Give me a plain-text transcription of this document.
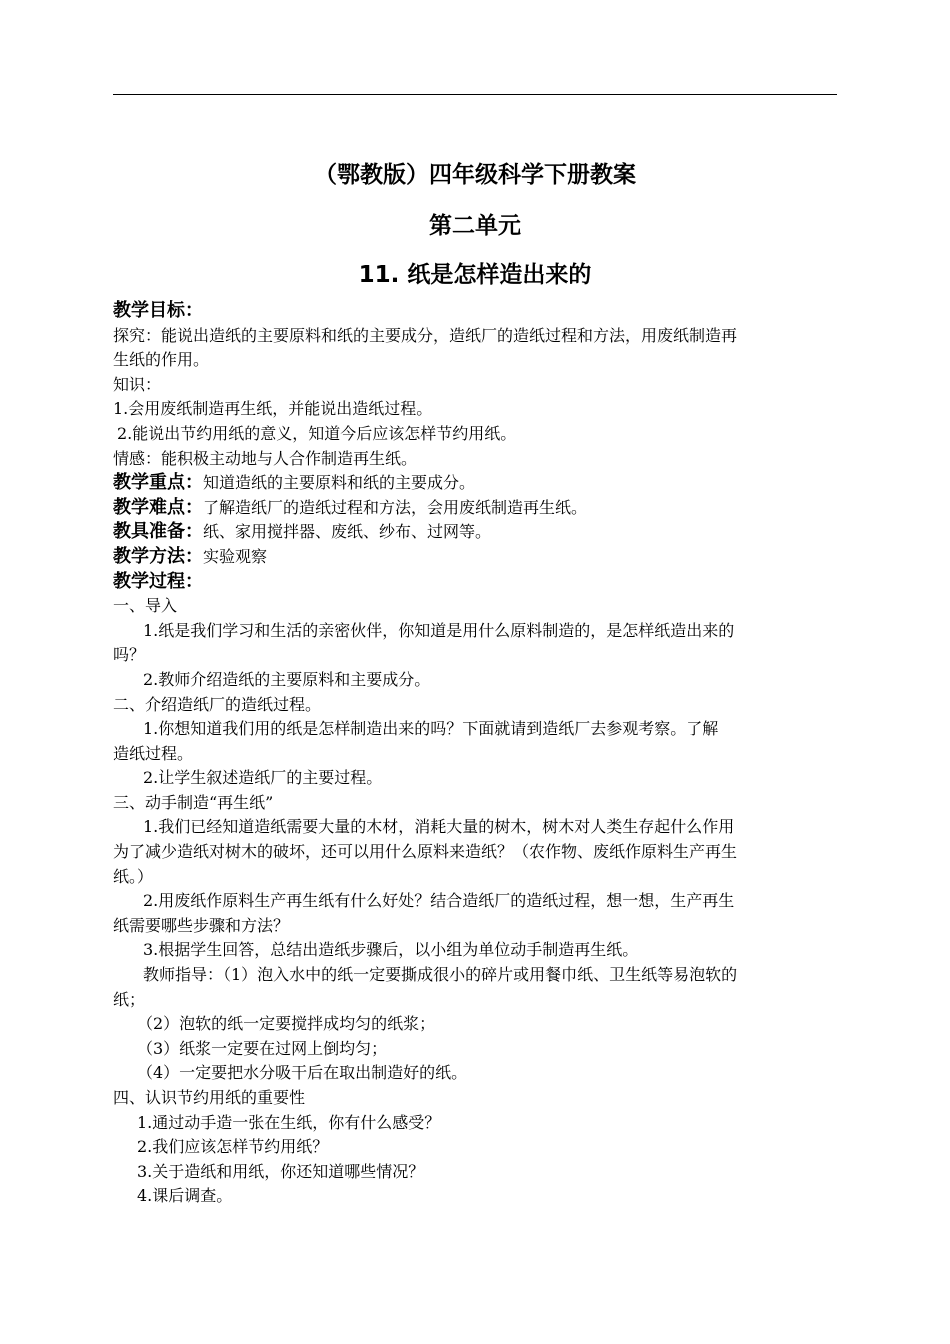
（鄂教版）四年级科学下册教案
第二单元
11. 纸是怎样造出来的
教学目标：
探究：能说出造纸的主要原料和纸的主要成分，造纸厂的造纸过程和方法，用废纸制造再
生纸的作用。
知识：
1.会用废纸制造再生纸，并能说出造纸过程。
2.能说出节约用纸的意义，知道今后应该怎样节约用纸。
情感：能积极主动地与人合作制造再生纸。
教学重点：知道造纸的主要原料和纸的主要成分。
教学难点：了解造纸厂的造纸过程和方法，会用废纸制造再生纸。
教具准备：纸、家用搅拌器、废纸、纱布、过网等。
教学方法：实验观察
教学过程：
一、导入
1.纸是我们学习和生活的亲密伙伴，你知道是用什么原料制造的，是怎样纸造出来的
吗？
2.教师介绍造纸的主要原料和主要成分。
二、介绍造纸厂的造纸过程。
1.你想知道我们用的纸是怎样制造出来的吗？下面就请到造纸厂去参观考察。了解
造纸过程。
2.让学生叙述造纸厂的主要过程。
三、动手制造“再生纸”
1.我们已经知道造纸需要大量的木材，消耗大量的树木，树木对人类生存起什么作用
为了减少造纸对树木的破坏，还可以用什么原料来造纸？（农作物、废纸作原料生产再生
纸。）
2.用废纸作原料生产再生纸有什么好处？结合造纸厂的造纸过程，想一想，生产再生
纸需要哪些步骤和方法？
3.根据学生回答，总结出造纸步骤后，以小组为单位动手制造再生纸。
教师指导：（1）泡入水中的纸一定要撕成很小的碎片或用餐巾纸、卫生纸等易泡软的
纸；
（2）泡软的纸一定要搅拌成均匀的纸浆；
（3）纸浆一定要在过网上倒均匀；
（4）一定要把水分吸干后在取出制造好的纸。
四、认识节约用纸的重要性
1.通过动手造一张在生纸，你有什么感受？
2.我们应该怎样节约用纸？
3.关于造纸和用纸，你还知道哪些情况？
4.课后调查。
